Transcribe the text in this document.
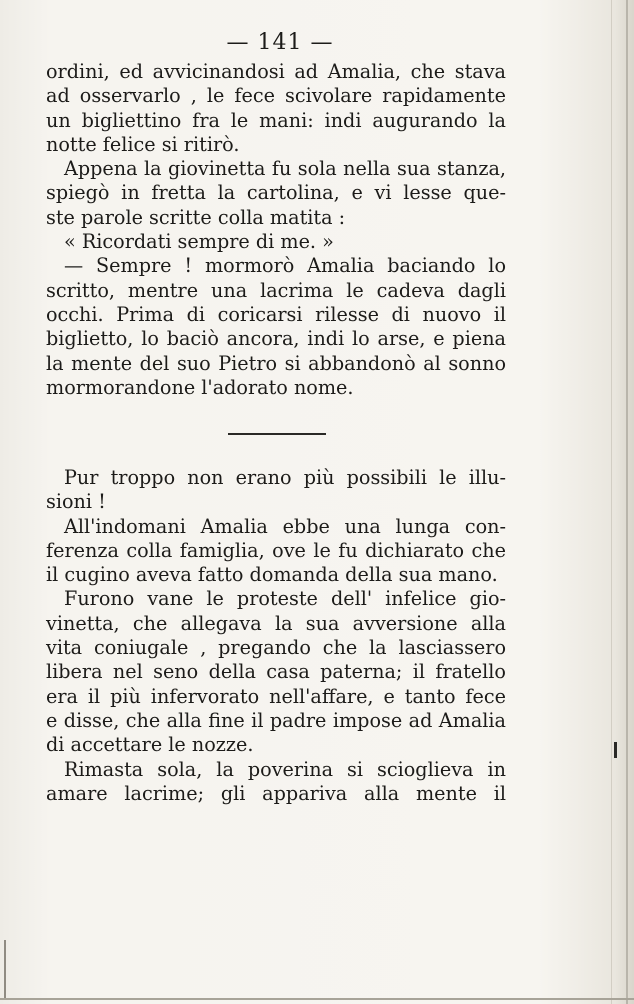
— 141 —
ordini, ed avvicinandosi ad Amalia, che stava
ad osservarlo , le fece scivolare rapidamente
un bigliettino fra le mani: indi augurando la
notte felice si ritirò.
Appena la giovinetta fu sola nella sua stanza,
spiegò in fretta la cartolina, e vi lesse que-
ste parole scritte colla matita :
« Ricordati sempre di me. »
— Sempre ! mormorò Amalia baciando lo
scritto, mentre una lacrima le cadeva dagli
occhi. Prima di coricarsi rilesse di nuovo il
biglietto, lo baciò ancora, indi lo arse, e piena
la mente del suo Pietro si abbandonò al sonno
mormorandone l'adorato nome.
Pur troppo non erano più possibili le illu-
sioni !
All'indomani Amalia ebbe una lunga con-
ferenza colla famiglia, ove le fu dichiarato che
il cugino aveva fatto domanda della sua mano.
Furono vane le proteste dell' infelice gio-
vinetta, che allegava la sua avversione alla
vita coniugale , pregando che la lasciassero
libera nel seno della casa paterna; il fratello
era il più infervorato nell'affare, e tanto fece
e disse, che alla fine il padre impose ad Amalia
di accettare le nozze.
Rimasta sola, la poverina si scioglieva in
amare lacrime; gli appariva alla mente il
